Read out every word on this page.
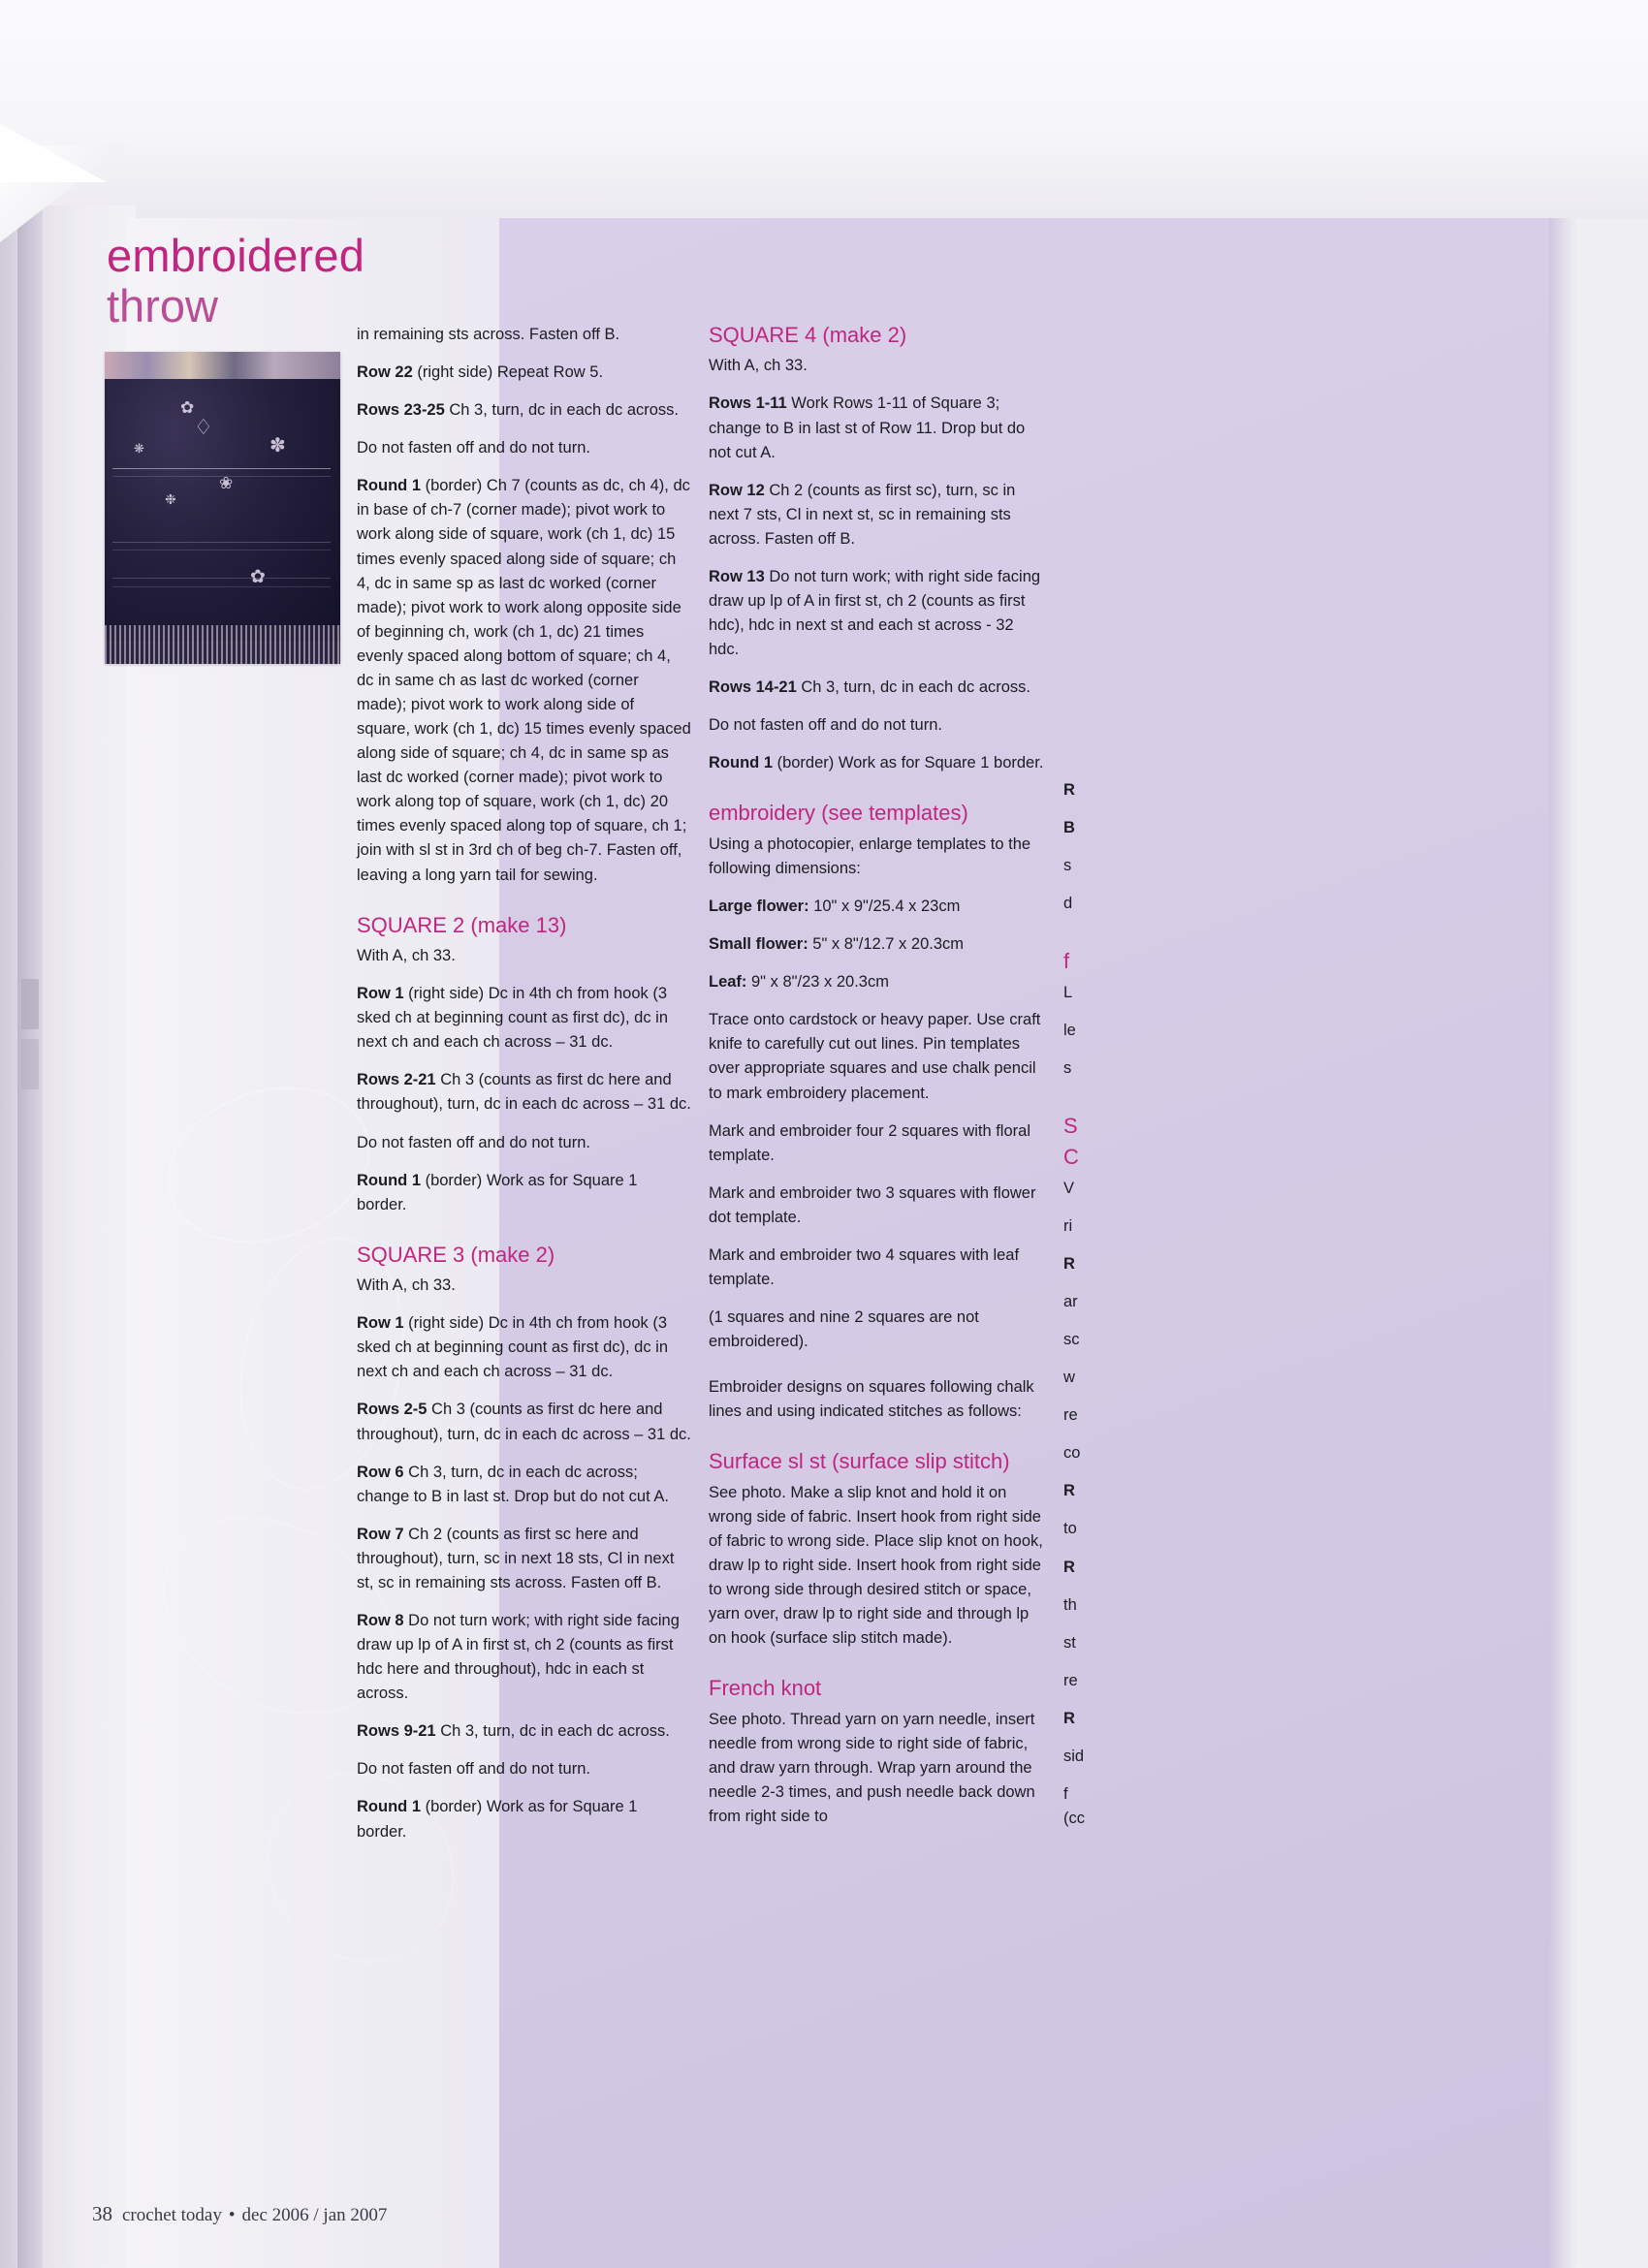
embroidered
throw
✿
♢
❀
❉
✽
✿
❋

in remaining sts across. Fasten off B.

Row 22 (right side) Repeat Row 5.

Rows 23-25 Ch 3, turn, dc in each dc across.

Do not fasten off and do not turn.

Round 1 (border) Ch 7 (counts as dc, ch 4), dc in base of ch-7 (corner made); pivot work to work along side of square, work (ch 1, dc) 15 times evenly spaced along side of square; ch 4, dc in same sp as last dc worked (corner made); pivot work to work along opposite side of beginning ch, work (ch 1, dc) 21 times evenly spaced along bottom of square; ch 4, dc in same ch as last dc worked (corner made); pivot work to work along side of square, work (ch 1, dc) 15 times evenly spaced along side of square; ch 4, dc in same sp as last dc worked (corner made); pivot work to work along top of square, work (ch 1, dc) 20 times evenly spaced along top of square, ch 1; join with sl st in 3rd ch of beg ch-7. Fasten off, leaving a long yarn tail for sewing.

SQUARE 2 (make 13)

With A, ch 33.

Row 1 (right side) Dc in 4th ch from hook (3 sked ch at beginning count as first dc), dc in next ch and each ch across – 31 dc.

Rows 2-21 Ch 3 (counts as first dc here and throughout), turn, dc in each dc across – 31 dc.

Do not fasten off and do not turn.

Round 1 (border) Work as for Square 1 border.

SQUARE 3 (make 2)

With A, ch 33.

Row 1 (right side) Dc in 4th ch from hook (3 sked ch at beginning count as first dc), dc in next ch and each ch across – 31 dc.

Rows 2-5 Ch 3 (counts as first dc here and throughout), turn, dc in each dc across – 31 dc.

Row 6 Ch 3, turn, dc in each dc across; change to B in last st. Drop but do not cut A.

Row 7 Ch 2 (counts as first sc here and throughout), turn, sc in next 18 sts, Cl in next st, sc in remaining sts across. Fasten off B.

Row 8 Do not turn work; with right side facing draw up lp of A in first st, ch 2 (counts as first hdc here and throughout), hdc in each st across.

Rows 9-21 Ch 3, turn, dc in each dc across.

Do not fasten off and do not turn.

Round 1 (border) Work as for Square 1 border.

SQUARE 4 (make 2)

With A, ch 33.

Rows 1-11 Work Rows 1-11 of Square 3; change to B in last st of Row 11. Drop but do not cut A.

Row 12 Ch 2 (counts as first sc), turn, sc in next 7 sts, Cl in next st, sc in remaining sts across. Fasten off B.

Row 13 Do not turn work; with right side facing draw up lp of A in first st, ch 2 (counts as first hdc), hdc in next st and each st across - 32 hdc.

Rows 14-21 Ch 3, turn, dc in each dc across.

Do not fasten off and do not turn.

Round 1 (border) Work as for Square 1 border.

embroidery (see templates)

Using a photocopier, enlarge templates to the following dimensions:

Large flower: 10" x 9"/25.4 x 23cm

Small flower: 5" x 8"/12.7 x 20.3cm

Leaf: 9" x 8"/23 x 20.3cm

Trace onto cardstock or heavy paper. Use craft knife to carefully cut out lines. Pin templates over appropriate squares and use chalk pencil to mark embroidery placement.

Mark and embroider four 2 squares with floral template.

Mark and embroider two 3 squares with flower dot template.

Mark and embroider two 4 squares with leaf template.

(1 squares and nine 2 squares are not embroidered).

Embroider designs on squares following chalk lines and using indicated stitches as follows:

Surface sl st (surface slip stitch)

See photo. Make a slip knot and hold it on wrong side of fabric. Insert hook from right side of fabric to wrong side. Place slip knot on hook, draw lp to right side. Insert hook from right side to wrong side through desired stitch or space, yarn over, draw lp to right side and through lp on hook (surface slip stitch made).

French knot

See photo. Thread yarn on yarn needle, insert needle from wrong side to right side of fabric, and draw yarn through. Wrap yarn around the needle 2-3 times, and push needle back down from right side to

R

B

s

d

f

L

le

s

S
C

V

ri

R

ar

sc

w

re

co

R

to

R

th

st

re

R

sid

f (cc

38 crochet today • dec 2006 / jan 2007
